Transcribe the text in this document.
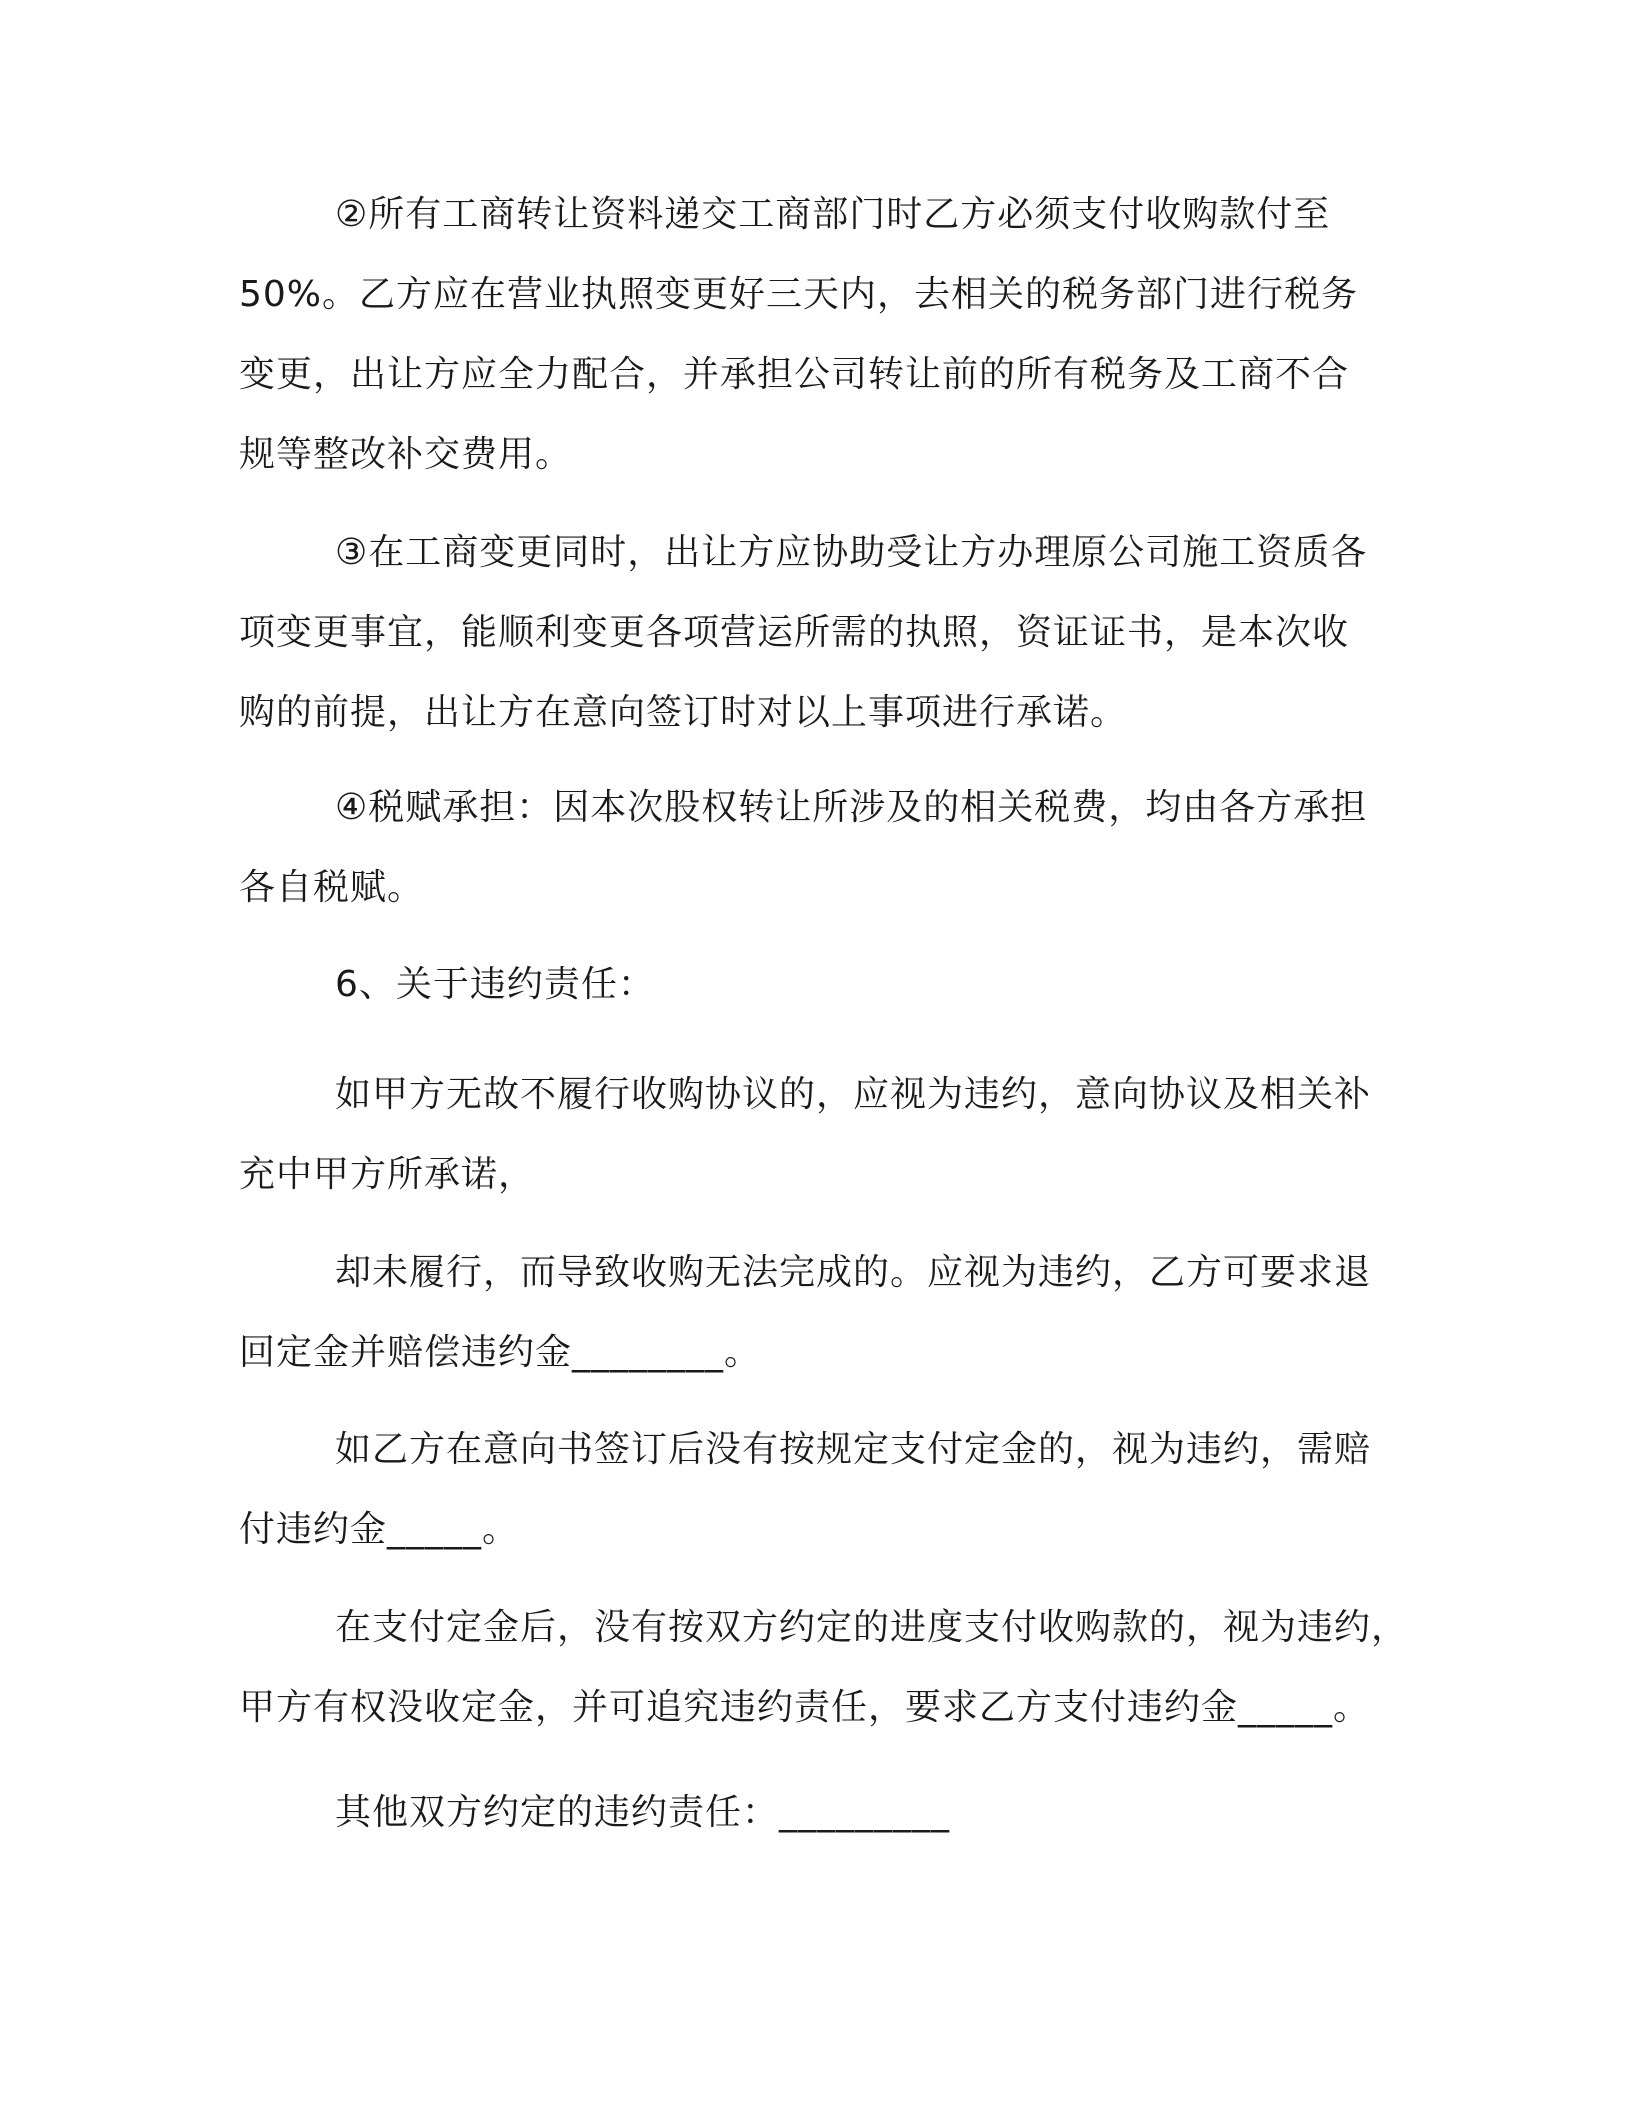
②所有工商转让资料递交工商部门时乙方必须支付收购款付至
50%。乙方应在营业执照变更好三天内，去相关的税务部门进行税务
变更，出让方应全力配合，并承担公司转让前的所有税务及工商不合
规等整改补交费用。
③在工商变更同时，出让方应协助受让方办理原公司施工资质各
项变更事宜，能顺利变更各项营运所需的执照，资证证书，是本次收
购的前提，出让方在意向签订时对以上事项进行承诺。
④税赋承担：因本次股权转让所涉及的相关税费，均由各方承担
各自税赋。
6、关于违约责任：
如甲方无故不履行收购协议的，应视为违约，意向协议及相关补
充中甲方所承诺，
却未履行，而导致收购无法完成的。应视为违约，乙方可要求退
回定金并赔偿违约金________。
如乙方在意向书签订后没有按规定支付定金的，视为违约，需赔
付违约金_____。
在支付定金后，没有按双方约定的进度支付收购款的，视为违约，
甲方有权没收定金，并可追究违约责任，要求乙方支付违约金_____。
其他双方约定的违约责任：_________
